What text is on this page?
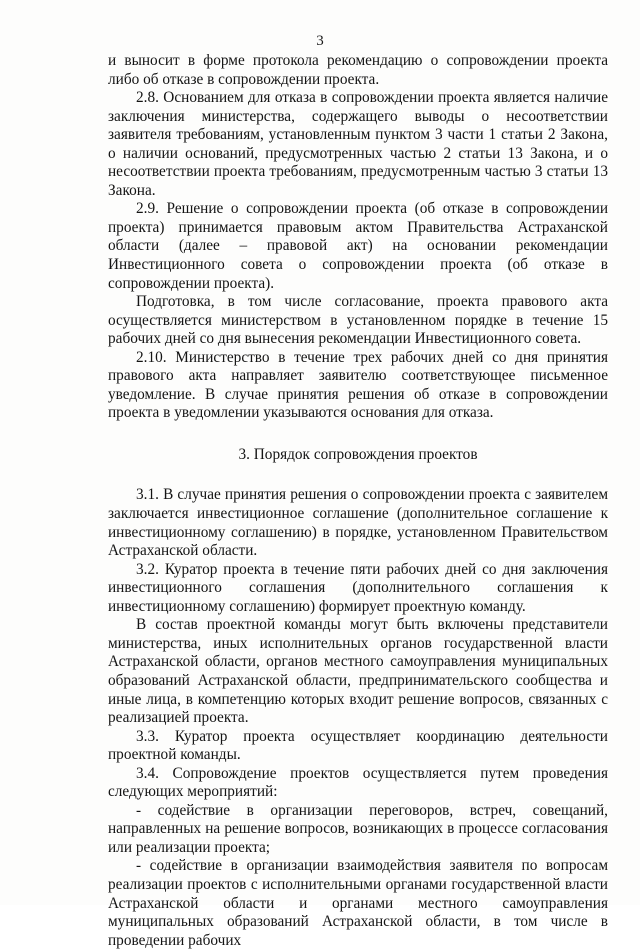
3

и выносит в форме протокола рекомендацию о сопровождении проекта либо об отказе в сопровождении проекта.

2.8. Основанием для отказа в сопровождении проекта является наличие заключения министерства, содержащего выводы о несоответствии заявителя требованиям, установленным пунктом 3 части 1 статьи 2 Закона, о наличии оснований, предусмотренных частью 2 статьи 13 Закона, и о несоответствии проекта требованиям, предусмотренным частью 3 статьи 13 Закона.

2.9. Решение о сопровождении проекта (об отказе в сопровождении проекта) принимается правовым актом Правительства Астраханской области (далее – правовой акт) на основании рекомендации Инвестиционного совета о сопровождении проекта (об отказе в сопровождении проекта).

Подготовка, в том числе согласование, проекта правового акта осуществляется министерством в установленном порядке в течение 15 рабочих дней со дня вынесения рекомендации Инвестиционного совета.

2.10. Министерство в течение трех рабочих дней со дня принятия правового акта направляет заявителю соответствующее письменное уведомление. В случае принятия решения об отказе в сопровождении проекта в уведомлении указываются основания для отказа.

3. Порядок сопровождения проектов

3.1. В случае принятия решения о сопровождении проекта с заявителем заключается инвестиционное соглашение (дополнительное соглашение к инвестиционному соглашению) в порядке, установленном Правительством Астраханской области.

3.2. Куратор проекта в течение пяти рабочих дней со дня заключения инвестиционного соглашения (дополнительного соглашения к инвестиционному соглашению) формирует проектную команду.

В состав проектной команды могут быть включены представители министерства, иных исполнительных органов государственной власти Астраханской области, органов местного самоуправления муниципальных образований Астраханской области, предпринимательского сообщества и иные лица, в компетенцию которых входит решение вопросов, связанных с реализацией проекта.

3.3. Куратор проекта осуществляет координацию деятельности проектной команды.

3.4. Сопровождение проектов осуществляется путем проведения следующих мероприятий:

- содействие в организации переговоров, встреч, совещаний, направленных на решение вопросов, возникающих в процессе согласования или реализации проекта;

- содействие в организации взаимодействия заявителя по вопросам реализации проектов с исполнительными органами государственной власти Астраханской области и органами местного самоуправления муниципальных образований Астраханской области, в том числе в проведении рабочих
